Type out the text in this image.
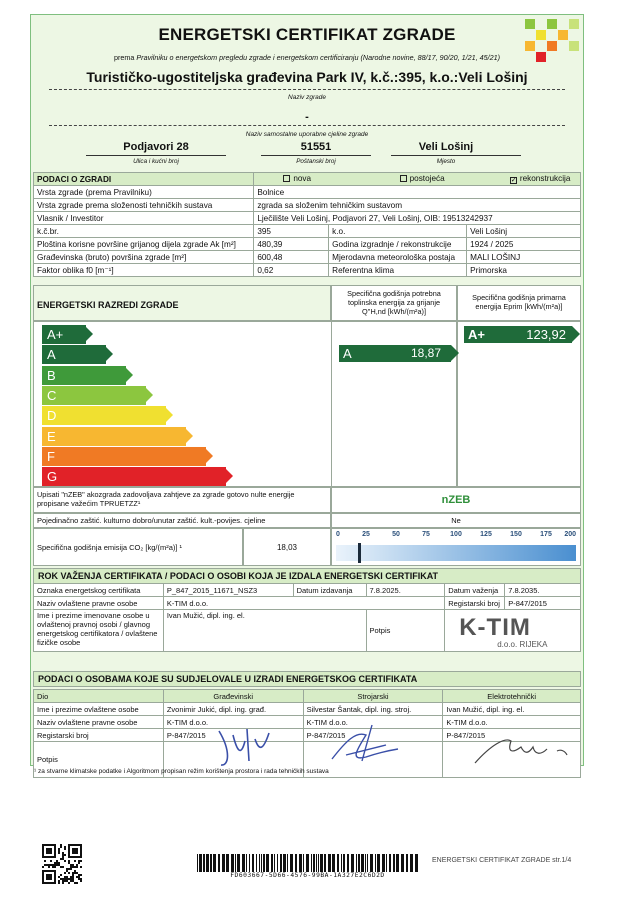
ENERGETSKI CERTIFIKAT ZGRADE
prema Pravilniku o energetskom pregledu zgrade i energetskom certificiranju (Narodne novine, 88/17, 90/20, 1/21, 45/21)
Turističko-ugostiteljska građevina Park IV, k.č.:395, k.o.:Veli Lošinj
Naziv zgrade
-
Naziv samostalne uporabne cjeline zgrade
Podjavori 28	51551	Veli Lošinj
Ulica i kućni broj	Poštanski broj	Mjesto
PODACI O ZGRADI	nova postojeća ✓ rekonstrukcija		
Vrsta zgrade (prema Pravilniku)	Bolnice		
Vrsta zgrade prema složenosti tehničkih sustava	zgrada sa složenim tehničkim sustavom		
Vlasnik / Investitor	Lječilište Veli Lošinj, Podjavori 27, Veli Lošinj, OIB: 19513242937		
k.č.br.	395	k.o.	Veli Lošinj
Ploština korisne površine grijanog dijela zgrade Ak [m²]	480,39	Godina izgradnje / rekonstrukcije	1924 / 2025
Građevinska (bruto) površina zgrade [m²]	600,48	Mjerodavna meteorološka postaja	MALI LOŠINJ
Faktor oblika f0 [m⁻¹]	0,62	Referentna klima	Primorska
ENERGETSKI RAZREDI ZGRADE
Specifična godišnja potrebna toplinska energija za grijanje Q''H,nd [kWh/(m²a)]
Specifična godišnja primarna energija Eprim [kWh/(m²a)]
A+
A
B
C
D
E
F
G
A	18,87
A+	123,92
Upisati "nZEB" akozgrada zadovoljava zahtjeve za zgrade gotovo nulte energije propisane važećim TPRUETZZ¹	nZEB
Pojedinačno zaštić. kulturno dobro/unutar zaštić. kult.-povijes. cjeline	Ne
Specifična godišnja emisija CO₂ [kg/(m²a)] ¹	18,03
0	25	50	75	100	125	150	175 200
ROK VAŽENJA CERTIFIKATA / PODACI O OSOBI KOJA JE IZDALA ENERGETSKI CERTIFIKAT
Oznaka energetskog certifikata	P_847_2015_11671_NSZ3	Datum izdavanja	7.8.2025.	Datum važenja	7.8.2035.
Naziv ovlaštene pravne osobe	K-TIM d.o.o.			Registarski broj	P-847/2015
Ime i prezime imenovane osobe u ovlaštenoj pravnoj osobi / glavnog energetskog certifikatora / ovlaštene fizičke osobe	Ivan Mužić, dipl. ing. el.		Potpis	K-TIM
d.o.o. RIJEKA	
PODACI O OSOBAMA KOJE SU SUDJELOVALE U IZRADI ENERGETSKOG CERTIFIKATA
Dio	Građevinski	Strojarski	Elektrotehnički
Ime i prezime ovlaštene osobe	Zvonimir Jukić, dipl. ing. građ.	Silvestar Šantak, dipl. ing. stroj.	Ivan Mužić, dipl. ing. el.
Naziv ovlaštene pravne osobe	K-TIM d.o.o.	K-TIM d.o.o.	K-TIM d.o.o.
Registarski broj	P-847/2015	P-847/2015	P-847/2015
Potpis			
¹ za stvarne klimatske podatke i Algoritmom propisan režim korištenja prostora i rada tehničkih sustava
FD603667-5D66-4576-99BA-1A327E2C6D2D
ENERGETSKI CERTIFIKAT ZGRADE str.1/4
